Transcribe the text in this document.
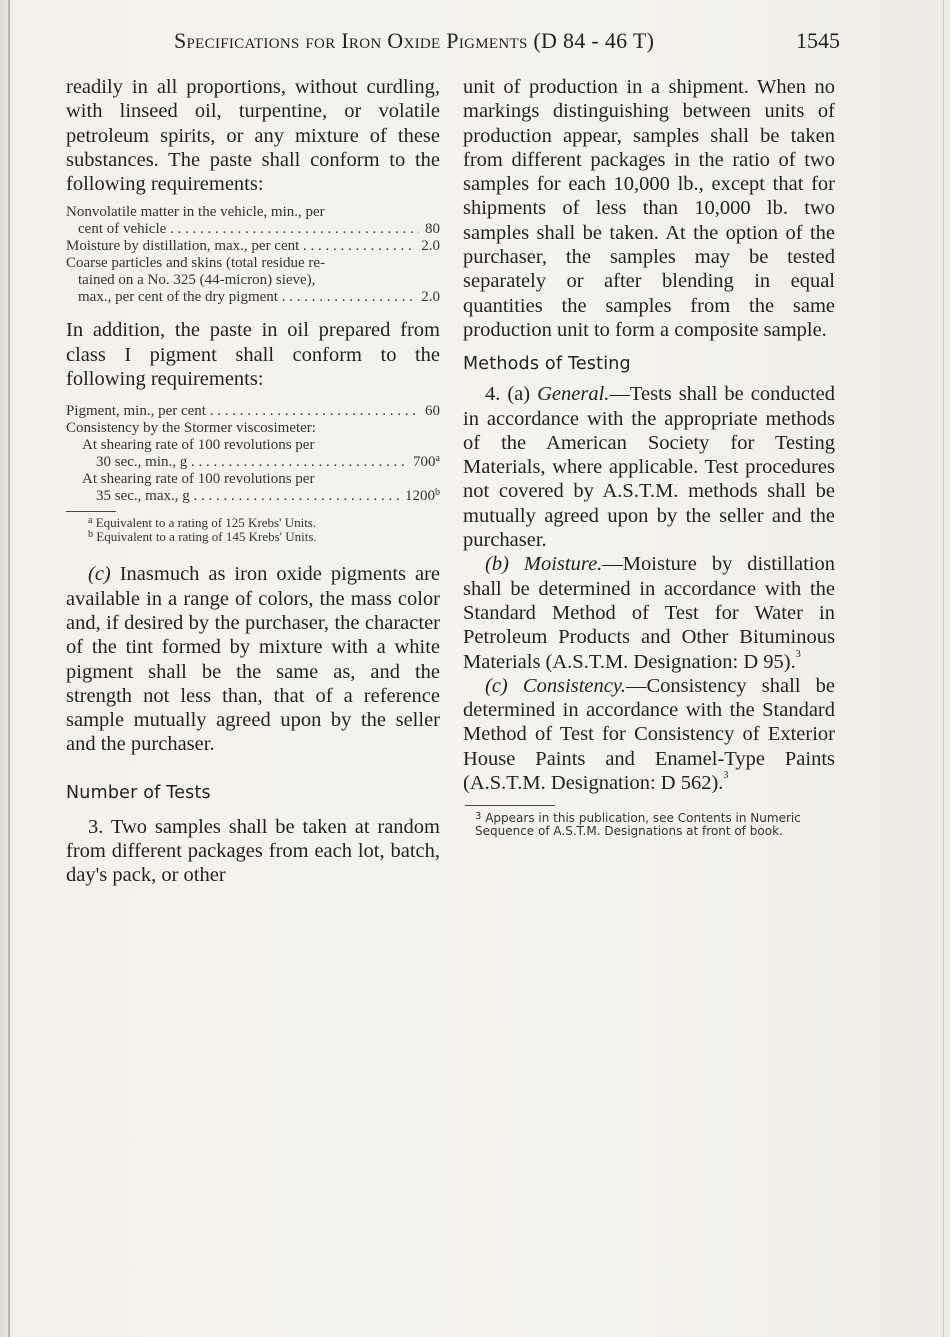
Specifications for Iron Oxide Pigments (D 84 - 46 T)	1545

readily in all proportions, without curdling, with linseed oil, turpentine, or volatile petroleum spirits, or any mixture of these substances. The paste shall conform to the following requirements:

Nonvolatile matter in the vehicle, min., per
cent of vehicle . . .	80
Moisture by distillation, max., per cent . . .	2.0
Coarse particles and skins (total residue re-
tained on a No. 325 (44-micron) sieve),
max., per cent of the dry pigment . . .	2.0

In addition, the paste in oil prepared from class I pigment shall conform to the following requirements:

Pigment, min., per cent . . .	60
Consistency by the Stormer viscosimeter:
At shearing rate of 100 revolutions per
30 sec., min., g . . .	700$^a$
At shearing rate of 100 revolutions per
35 sec., max., g . . .	1200$^b$
$^a$ Equivalent to a rating of 125 Krebs' Units.
$^b$ Equivalent to a rating of 145 Krebs' Units.

(c) Inasmuch as iron oxide pigments are available in a range of colors, the mass color and, if desired by the purchaser, the character of the tint formed by mixture with a white pigment shall be the same as, and the strength not less than, that of a reference sample mutually agreed upon by the seller and the purchaser.

Number of Tests

3. Two samples shall be taken at random from different packages from each lot, batch, day's pack, or other

unit of production in a shipment. When no markings distinguishing between units of production appear, samples shall be taken from different packages in the ratio of two samples for each 10,000 lb., except that for shipments of less than 10,000 lb. two samples shall be taken. At the option of the purchaser, the samples may be tested separately or after blending in equal quantities the samples from the same production unit to form a composite sample.

Methods of Testing

4. (a) General.—Tests shall be conducted in accordance with the appropriate methods of the American Society for Testing Materials, where applicable. Test procedures not covered by A.S.T.M. methods shall be mutually agreed upon by the seller and the purchaser.

(b) Moisture.—Moisture by distillation shall be determined in accordance with the Standard Method of Test for Water in Petroleum Products and Other Bituminous Materials (A.S.T.M. Designation: D 95).$^3$

(c) Consistency.—Consistency shall be determined in accordance with the Standard Method of Test for Consistency of Exterior House Paints and Enamel-Type Paints (A.S.T.M. Designation: D 562).$^3$

$^3$ Appears in this publication, see Contents in Numeric Sequence of A.S.T.M. Designations at front of book.
